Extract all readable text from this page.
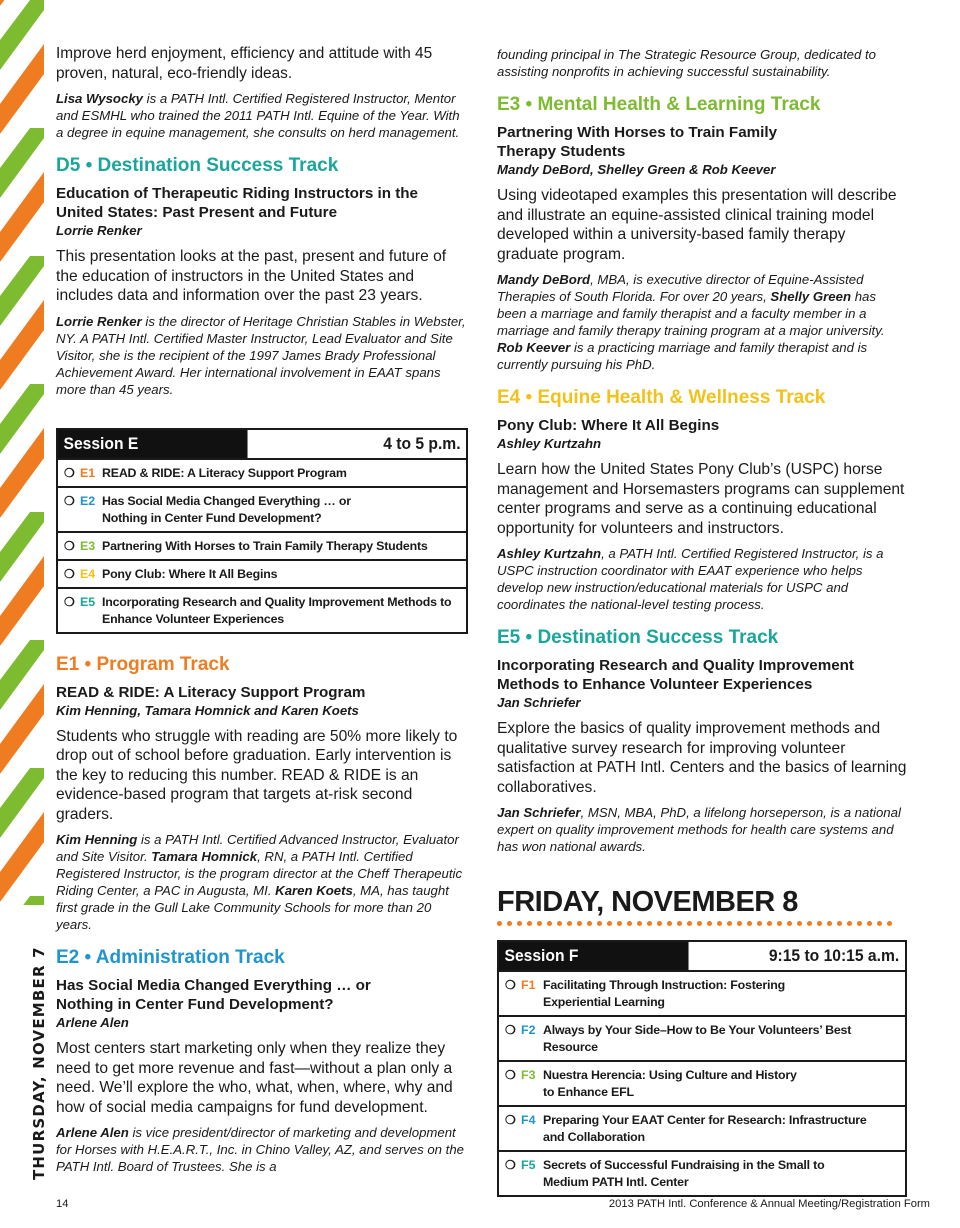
THURSDAY, NOVEMBER 7

Improve herd enjoyment, efficiency and attitude with 45 proven, natural, eco-friendly ideas.

Lisa Wysocky is a PATH Intl. Certified Registered Instructor, Mentor and ESMHL who trained the 2011 PATH Intl. Equine of the Year. With a degree in equine management, she consults on herd management.

D5 • Destination Success Track
Education of Therapeutic Riding Instructors in the United States: Past Present and Future
Lorrie Renker

This presentation looks at the past, present and future of the education of instructors in the United States and includes data and information over the past 23 years.

Lorrie Renker is the director of Heritage Christian Stables in Webster, NY. A PATH Intl. Certified Master Instructor, Lead Evaluator and Site Visitor, she is the recipient of the 1997 James Brady Professional Achievement Award. Her international involvement in EAAT spans more than 45 years.

Session E	4 to 5 p.m.
❍ E1 READ & RIDE: A Literacy Support Program
❍ E2 Has Social Media Changed Everything … or Nothing in Center Fund Development?
❍ E3 Partnering With Horses to Train Family Therapy Students
❍ E4 Pony Club: Where It All Begins
❍ E5 Incorporating Research and Quality Improvement Methods to Enhance Volunteer Experiences
E1 • Program Track
READ & RIDE: A Literacy Support Program
Kim Henning, Tamara Homnick and Karen Koets

Students who struggle with reading are 50% more likely to drop out of school before graduation. Early intervention is the key to reducing this number. READ & RIDE is an evidence-based program that targets at-risk second graders.

Kim Henning is a PATH Intl. Certified Advanced Instructor, Evaluator and Site Visitor. Tamara Homnick, RN, a PATH Intl. Certified Registered Instructor, is the program director at the Cheff Therapeutic Riding Center, a PAC in Augusta, MI. Karen Koets, MA, has taught first grade in the Gull Lake Community Schools for more than 20 years.

E2 • Administration Track
Has Social Media Changed Everything … or Nothing in Center Fund Development?
Arlene Alen

Most centers start marketing only when they realize they need to get more revenue and fast—without a plan only a need. We’ll explore the who, what, when, where, why and how of social media campaigns for fund development.

Arlene Alen is vice president/director of marketing and development for Horses with H.E.A.R.T., Inc. in Chino Valley, AZ, and serves on the PATH Intl. Board of Trustees. She is a

founding principal in The Strategic Resource Group, dedicated to assisting nonprofits in achieving successful sustainability.

E3 • Mental Health & Learning Track
Partnering With Horses to Train Family Therapy Students
Mandy DeBord, Shelley Green & Rob Keever

Using videotaped examples this presentation will describe and illustrate an equine-assisted clinical training model developed within a university-based family therapy graduate program.

Mandy DeBord, MBA, is executive director of Equine-Assisted Therapies of South Florida. For over 20 years, Shelly Green has been a marriage and family therapist and a faculty member in a marriage and family therapy training program at a major university. Rob Keever is a practicing marriage and family therapist and is currently pursuing his PhD.

E4 • Equine Health & Wellness Track
Pony Club: Where It All Begins
Ashley Kurtzahn

Learn how the United States Pony Club’s (USPC) horse management and Horsemasters programs can supplement center programs and serve as a continuing educational opportunity for volunteers and instructors.

Ashley Kurtzahn, a PATH Intl. Certified Registered Instructor, is a USPC instruction coordinator with EAAT experience who helps develop new instruction/educational materials for USPC and coordinates the national-level testing process.

E5 • Destination Success Track
Incorporating Research and Quality Improvement Methods to Enhance Volunteer Experiences
Jan Schriefer

Explore the basics of quality improvement methods and qualitative survey research for improving volunteer satisfaction at PATH Intl. Centers and the basics of learning collaboratives.

Jan Schriefer, MSN, MBA, PhD, a lifelong horseperson, is a national expert on quality improvement methods for health care systems and has won national awards.

FRIDAY, NOVEMBER 8
Session F	9:15 to 10:15 a.m.
❍ F1 Facilitating Through Instruction: Fostering Experiential Learning
❍ F2 Always by Your Side–How to Be Your Volunteers’ Best Resource
❍ F3 Nuestra Herencia: Using Culture and History to Enhance EFL
❍ F4 Preparing Your EAAT Center for Research: Infrastructure and Collaboration
❍ F5 Secrets of Successful Fundraising in the Small to Medium PATH Intl. Center
14	2013 PATH Intl. Conference & Annual Meeting/Registration Form
